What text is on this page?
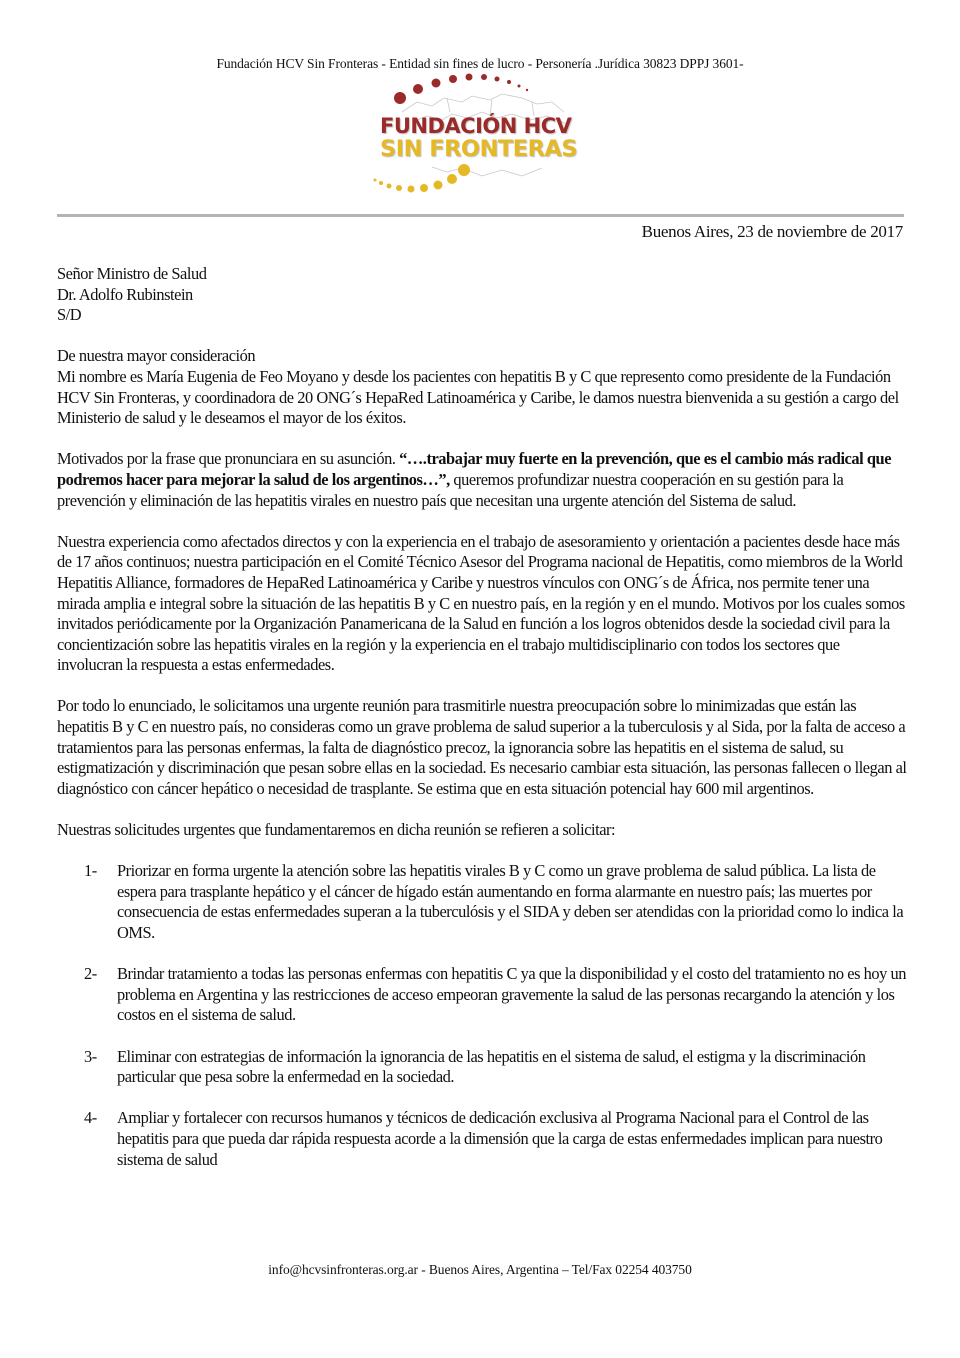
Fundación HCV Sin Fronteras - Entidad sin fines de lucro - Personería .Jurídica 30823 DPPJ 3601-
FUNDACIÓN HCV
SIN FRONTERAS
Buenos Aires, 23 de noviembre de 2017

Señor Ministro de Salud
Dr. Adolfo Rubinstein
S/D

De nuestra mayor consideración

Mi nombre es María Eugenia de Feo Moyano y desde los pacientes con hepatitis B y C que represento como presidente de la Fundación HCV Sin Fronteras, y coordinadora de 20 ONG´s HepaRed Latinoamérica y Caribe, le damos nuestra bienvenida a su gestión a cargo del Ministerio de salud y le deseamos el mayor de los éxitos.

Motivados por la frase que pronunciara en su asunción. “….trabajar muy fuerte en la prevención, que es el cambio más radical que podremos hacer para mejorar la salud de los argentinos…”, queremos profundizar nuestra cooperación en su gestión para la prevención y eliminación de las hepatitis virales en nuestro país que necesitan una urgente atención del Sistema de salud.

Nuestra experiencia como afectados directos y con la experiencia en el trabajo de asesoramiento y orientación a pacientes desde hace más de 17 años continuos; nuestra participación en el Comité Técnico Asesor del Programa nacional de Hepatitis, como miembros de la World Hepatitis Alliance, formadores de HepaRed Latinoamérica y Caribe y nuestros vínculos con ONG´s de África, nos permite tener una mirada amplia e integral sobre la situación de las hepatitis B y C en nuestro país, en la región y en el mundo. Motivos por los cuales somos invitados periódicamente por la Organización Panamericana de la Salud en función a los logros obtenidos desde la sociedad civil para la concientización sobre las hepatitis virales en la región y la experiencia en el trabajo multidisciplinario con todos los sectores que involucran la respuesta a estas enfermedades.

Por todo lo enunciado, le solicitamos una urgente reunión para trasmitirle nuestra preocupación sobre lo minimizadas que están las hepatitis B y C en nuestro país, no consideras como un grave problema de salud superior a la tuberculosis y al Sida, por la falta de acceso a tratamientos para las personas enfermas, la falta de diagnóstico precoz, la ignorancia sobre las hepatitis en el sistema de salud, su estigmatización y discriminación que pesan sobre ellas en la sociedad. Es necesario cambiar esta situación, las personas fallecen o llegan al diagnóstico con cáncer hepático o necesidad de trasplante. Se estima que en esta situación potencial hay 600 mil argentinos.

Nuestras solicitudes urgentes que fundamentaremos en dicha reunión se refieren a solicitar:

1- Priorizar en forma urgente la atención sobre las hepatitis virales B y C como un grave problema de salud pública. La lista de espera para trasplante hepático y el cáncer de hígado están aumentando en forma alarmante en nuestro país; las muertes por consecuencia de estas enfermedades superan a la tuberculósis y el SIDA y deben ser atendidas con la prioridad como lo indica la OMS.
2- Brindar tratamiento a todas las personas enfermas con hepatitis C ya que la disponibilidad y el costo del tratamiento no es hoy un problema en Argentina y las restricciones de acceso empeoran gravemente la salud de las personas recargando la atención y los costos en el sistema de salud.
3- Eliminar con estrategias de información la ignorancia de las hepatitis en el sistema de salud, el estigma y la discriminación particular que pesa sobre la enfermedad en la sociedad.
4- Ampliar y fortalecer con recursos humanos y técnicos de dedicación exclusiva al Programa Nacional para el Control de las hepatitis para que pueda dar rápida respuesta acorde a la dimensión que la carga de estas enfermedades implican para nuestro sistema de salud
info@hcvsinfronteras.org.ar - Buenos Aires, Argentina – Tel/Fax 02254 403750
